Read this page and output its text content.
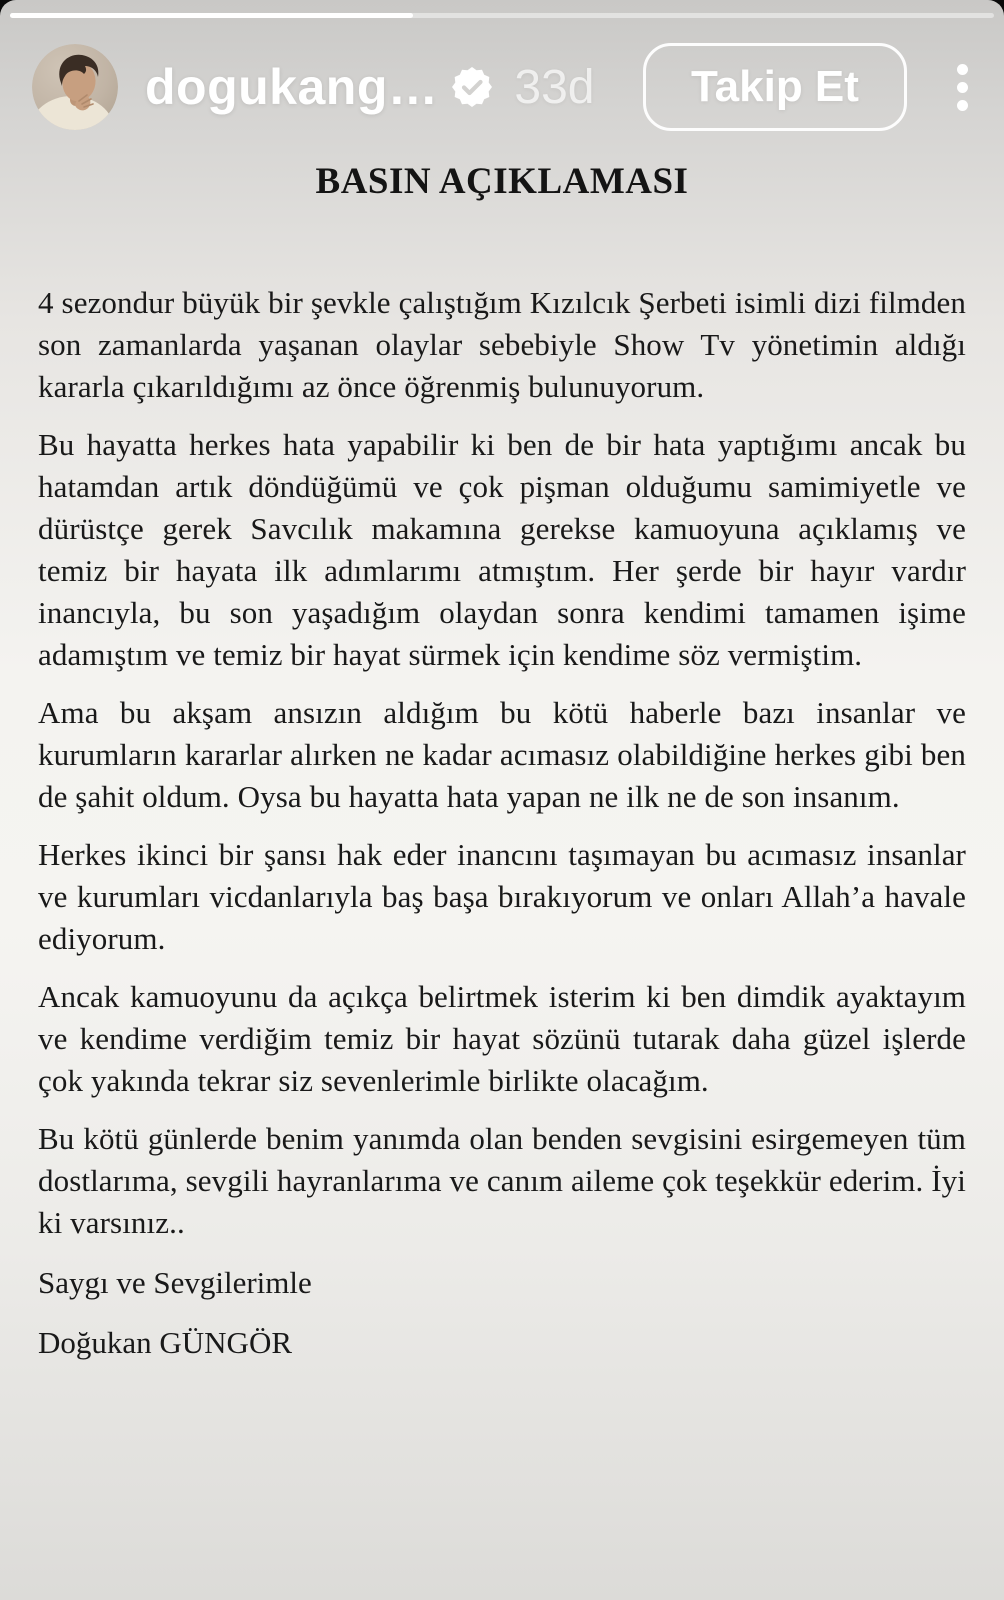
dogukang… 33d	Takip Et
BASIN AÇIKLAMASI

4 sezondur büyük bir şevkle çalıştığım Kızılcık Şerbeti isimli dizi filmden son zamanlarda yaşanan olaylar sebebiyle Show Tv yönetimin aldığı kararla çıkarıldığımı az önce öğrenmiş bulunuyorum.

Bu hayatta herkes hata yapabilir ki ben de bir hata yaptığımı ancak bu hatamdan artık döndüğümü ve çok pişman olduğumu samimiyetle ve dürüstçe gerek Savcılık makamına gerekse kamuoyuna açıklamış ve temiz bir hayata ilk adımlarımı atmıştım. Her şerde bir hayır vardır inancıyla, bu son yaşadığım olaydan sonra kendimi tamamen işime adamıştım ve temiz bir hayat sürmek için kendime söz vermiştim.

Ama bu akşam ansızın aldığım bu kötü haberle bazı insanlar ve kurumların kararlar alırken ne kadar acımasız olabildiğine herkes gibi ben de şahit oldum. Oysa bu hayatta hata yapan ne ilk ne de son insanım.

Herkes ikinci bir şansı hak eder inancını taşımayan bu acımasız insanlar ve kurumları vicdanlarıyla baş başa bırakıyorum ve onları Allah’a havale ediyorum.

Ancak kamuoyunu da açıkça belirtmek isterim ki ben dimdik ayaktayım ve kendime verdiğim temiz bir hayat sözünü tutarak daha güzel işlerde çok yakında tekrar siz sevenlerimle birlikte olacağım.

Bu kötü günlerde benim yanımda olan benden sevgisini esirgemeyen tüm dostlarıma, sevgili hayranlarıma ve canım aileme çok teşekkür ederim. İyi ki varsınız..

Saygı ve Sevgilerimle

Doğukan GÜNGÖR
